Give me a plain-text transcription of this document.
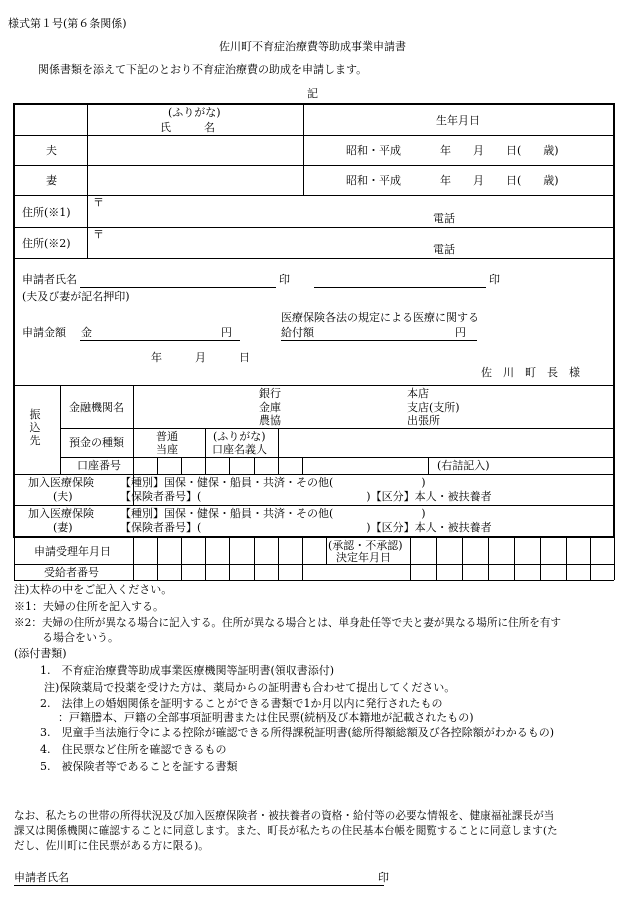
様式第１号(第６条関係)
佐川町不育症治療費等助成事業申請書
関係書類を添えて下記のとおり不育症治療費の助成を申請します。
記
(ふりがな)
氏　　　名
生年月日
夫	昭和・平成	年　　月　　日(　　歳)
妻	昭和・平成	年　　月　　日(　　歳)
住所(※1)
〒
電話
住所(※2)
〒
電話
申請者氏名	印	印
(夫及び妻が記名押印)
申請金額 金	円
医療保険各法の規定による医療に関する
給付額	円
年　　　月　　　日
佐　川　町　長　様
振込先
金融機関名
銀行
金庫
農協
本店
支店(支所)
出張所
預金の種類	普通
当座
(ふりがな)
口座名義人
口座番号	(右詰記入)
加入医療保険
(夫)
【種別】国保・健保・船員・共済・その他(　　　　　　　　)
【保険者番号】(　　　　　　　　　　　　　　　)【区分】本人・被扶養者
加入医療保険
(妻)
【種別】国保・健保・船員・共済・その他(　　　　　　　　)
【保険者番号】(　　　　　　　　　　　　　　　)【区分】本人・被扶養者
申請受理年月日	(承認・不承認)
決定年月日
受給者番号
注)太枠の中をご記入ください。
※1：夫婦の住所を記入する。
※2：夫婦の住所が異なる場合に記入する。住所が異なる場合とは、単身赴任等で夫と妻が異なる場所に住所を有す
る場合をいう。
(添付書類)
1.　不育症治療費等助成事業医療機関等証明書(領収書添付)
注)保険薬局で投薬を受けた方は、薬局からの証明書も合わせて提出してください。
2.　法律上の婚姻関係を証明することができる書類で1か月以内に発行されたもの
：戸籍謄本、戸籍の全部事項証明書または住民票(続柄及び本籍地が記載されたもの)
3.　児童手当法施行令による控除が確認できる所得課税証明書(総所得額総額及び各控除額がわかるもの)
4.　住民票など住所を確認できるもの
5.　被保険者等であることを証する書類
なお、私たちの世帯の所得状況及び加入医療保険者・被扶養者の資格・給付等の必要な情報を、健康福祉課長が当
課又は関係機関に確認することに同意します。また、町長が私たちの住民基本台帳を閲覧することに同意します(た
だし、佐川町に住民票がある方に限る)。
申請者氏名	印
